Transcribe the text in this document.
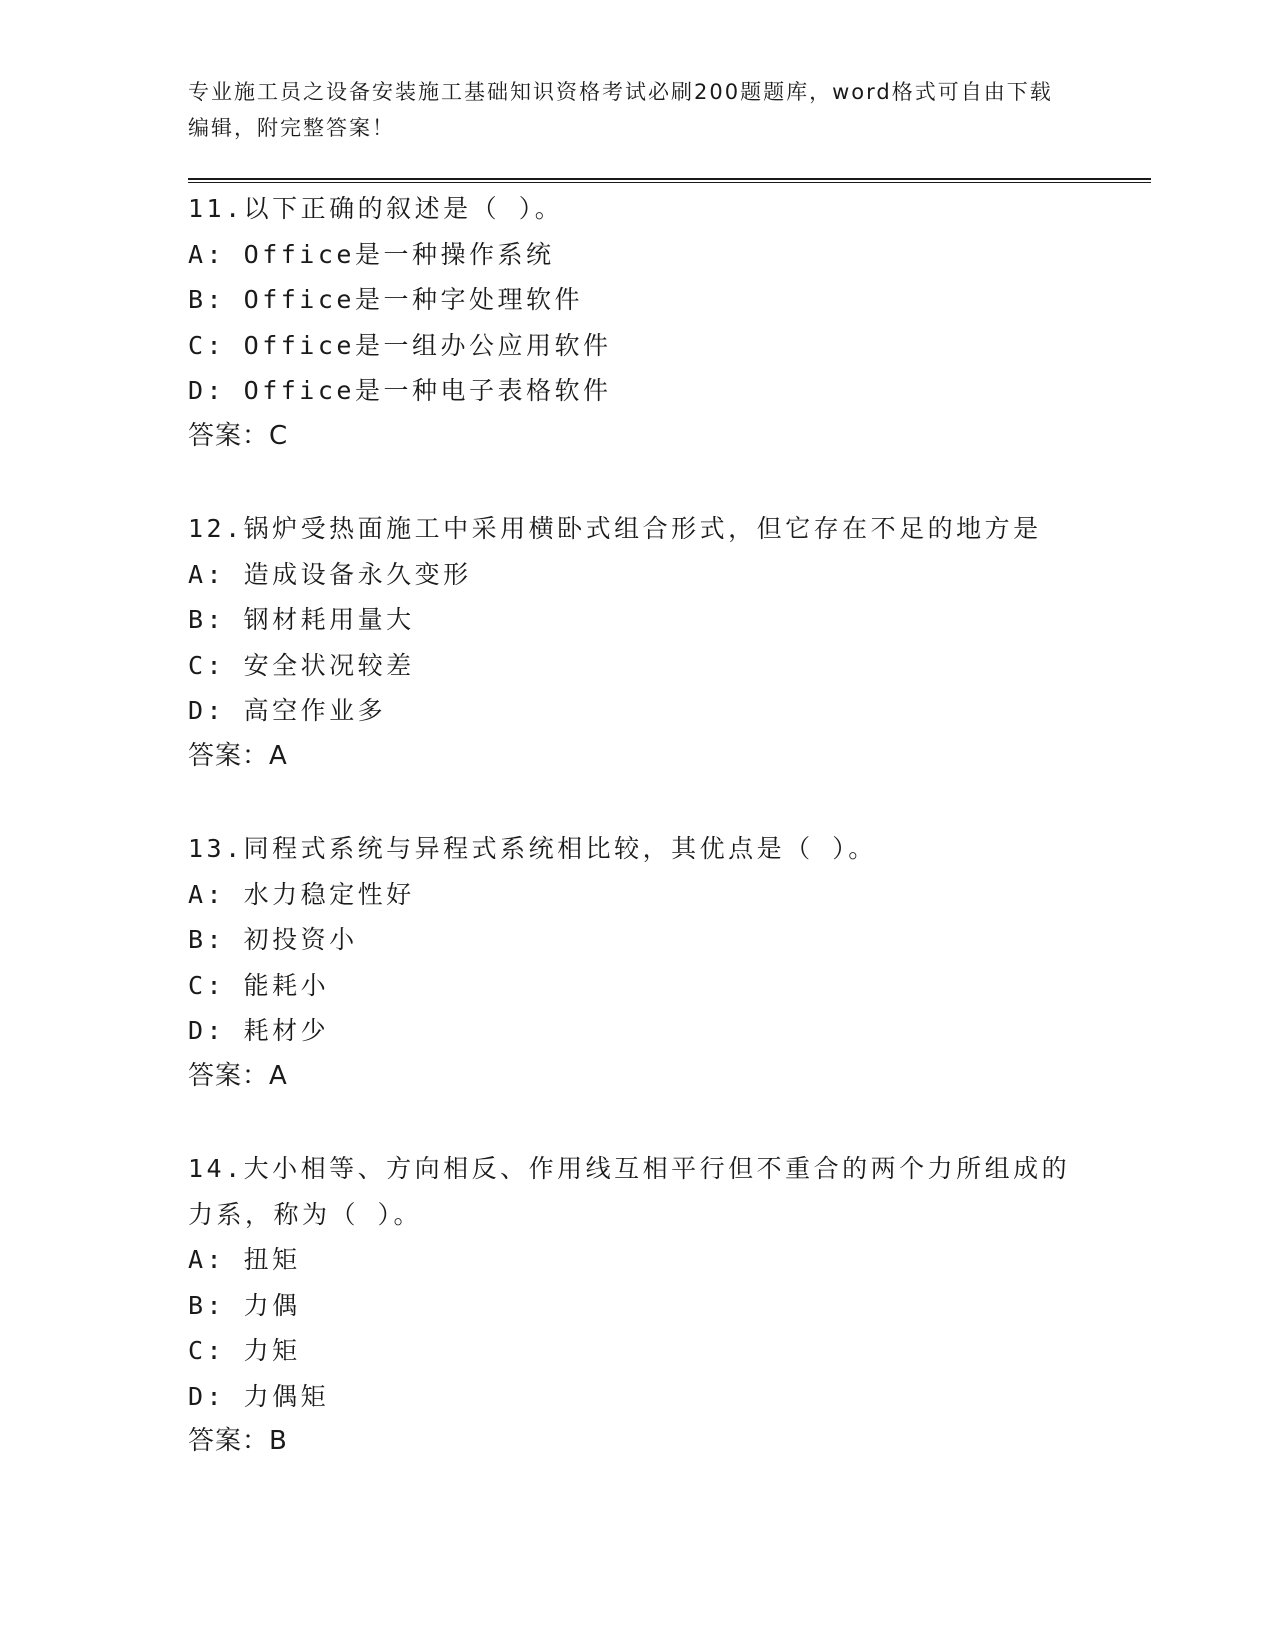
专业施工员之设备安装施工基础知识资格考试必刷200题题库，word格式可自由下载编辑，附完整答案！
11.以下正确的叙述是（ ）。
A: Office是一种操作系统
B: Office是一种字处理软件
C: Office是一组办公应用软件
D: Office是一种电子表格软件
答案：C
12.锅炉受热面施工中采用横卧式组合形式，但它存在不足的地方是
A: 造成设备永久变形
B: 钢材耗用量大
C: 安全状况较差
D: 高空作业多
答案：A
13.同程式系统与异程式系统相比较，其优点是（ ）。
A: 水力稳定性好
B: 初投资小
C: 能耗小
D: 耗材少
答案：A
14.大小相等、方向相反、作用线互相平行但不重合的两个力所组成的力系，称为（ ）。
A: 扭矩
B: 力偶
C: 力矩
D: 力偶矩
答案：B
